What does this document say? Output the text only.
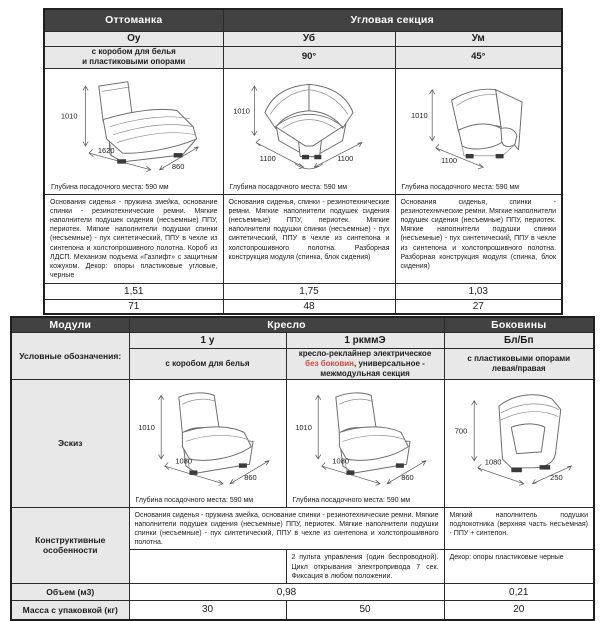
Оттоманка	Угловая секция	
Оу	Уб	Ум

с коробом для белья
и пластиковыми опорами	90°	45°

1010
1620
860
Глубина посадочного места: 590 мм

1010
1100	1100
Глубина посадочного места: 590 мм

1010
1100
Глубина посадочного места: 590 мм

Основания сиденья - пружина змейка, основание спинки - резинотехнические ремни. Мягкие наполнители подушек сидения (несъемные) ППУ, периотек. Мягкие наполнители подушки спинки (несъемные) - пух синтетический, ППУ в чехле из синтепона и холстопрошивного полотна. Короб из ЛДСП. Механизм подъема «Газлифт» с защитным кожухом. Декор: опоры пластиковые угловые, черные	Основания сиденья, спинки - резинотехнические ремни. Мягкие наполнители подушек сидения (несъемные) ППУ, периотек. Мягкие наполнители подушки спинки (несъемные) - пух синтетический, ППУ в чехле из синтепона и холстопрошивного полотна. Разборная конструкция модуля (спинка, блок сидения)	Основания сиденья, спинки - резинотехнические ремни. Мягкие наполнители подушек сидения (несъемные) ППУ, периотек. Мягкие наполнители подушки спинки (несъемные) - пух синтетический, ППУ в чехле из синтепона и холстопрошивного полотна. Разборная конструкция модуля (спинка, блок сидения)
1,51	1,75	1,03
71	48	27
Модули	Кресло		Боковины
Условные обозначения:	1 у	1 ркммЭ	Бл/Бп
	с коробом для белья	кресло-реклайнер электрическое
без боковин, универсальное -
межмодульная секция	с пластиковыми опорами
левая/правая

Эскиз	
1010
1080
860
Глубина посадочного места: 590 мм

1010
1080
860
Глубина посадочного места: 590 мм

700
1080
250

Конструктивные особенности	Основания сиденья - пружина змейка, основание спинки - резинотехнические ремни. Мягкие наполнители подушек сидения (несъемные) ППУ, периотек. Мягкие наполнители подушки спинки (несъемные) - пух синтетический, ППУ в чехле из синтепона и холстопрошивного полотна.		Мягкий наполнитель подушки подлокотника (верхняя часть несъемная) - ППУ + синтепон.
		2 пульта управления (один беспроводной). Цикл открывания электропривода 7 сек. Фиксация в любом положении.	Декор: опоры пластиковые черные
Объем (м3)	0,98		0,21
Масса с упаковкой (кг)	30	50	20
